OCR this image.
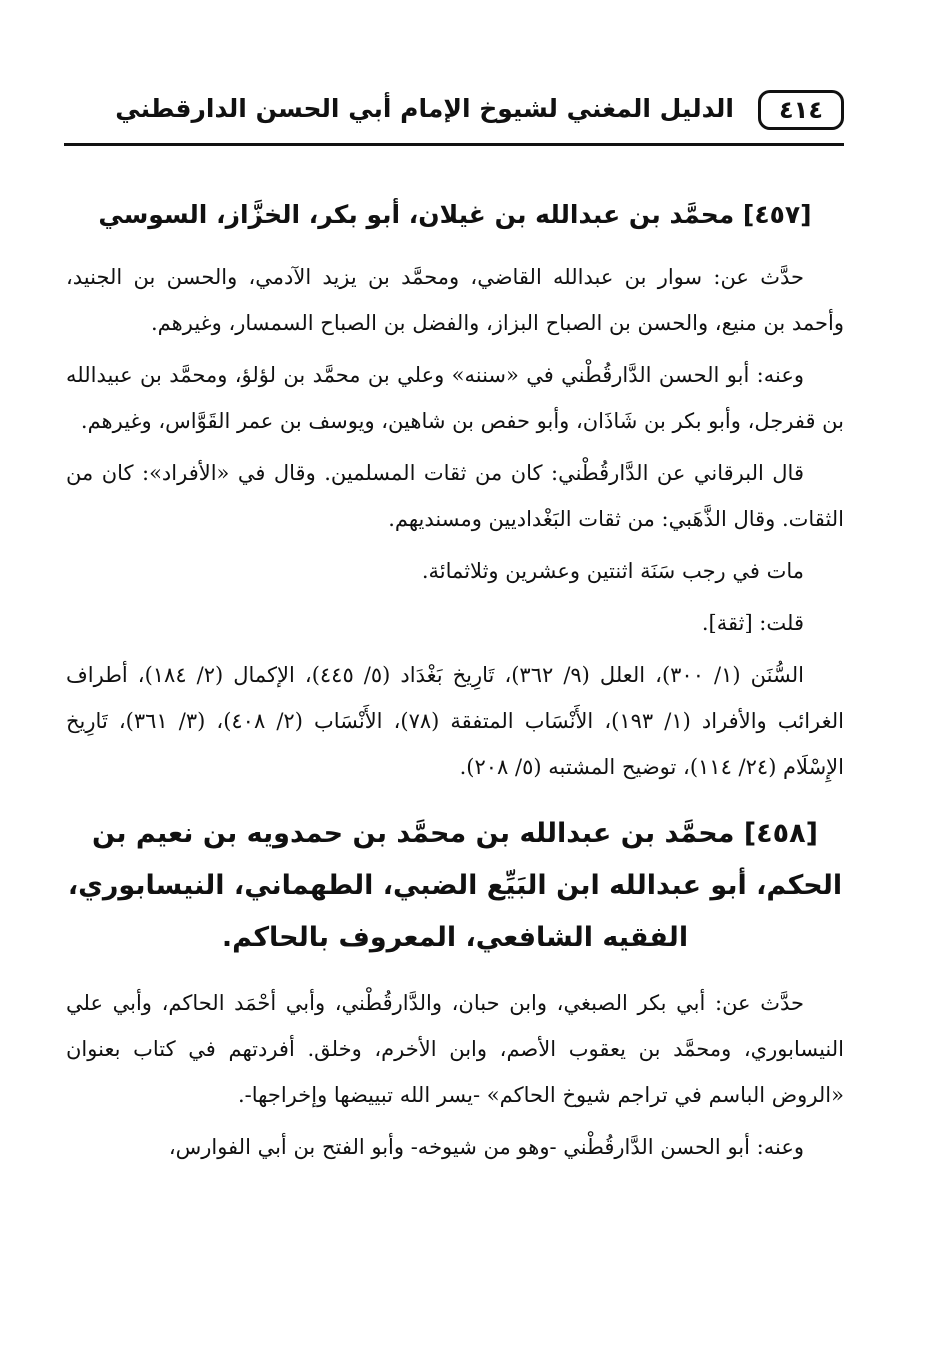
٤١٤
الدليل المغني لشيوخ الإمام أبي الحسن الدارقطني
[٤٥٧] محمَّد بن عبدالله بن غيلان، أبو بكر، الخزَّاز، السوسي

حدَّث عن: سوار بن عبدالله القاضي، ومحمَّد بن يزيد الآدمي، والحسن بن الجنيد، وأحمد بن منيع، والحسن بن الصباح البزاز، والفضل بن الصباح السمسار، وغيرهم.

وعنه: أبو الحسن الدَّارقُطْني في «سننه» وعلي بن محمَّد بن لؤلؤ، ومحمَّد بن عبيدالله بن قفرجل، وأبو بكر بن شَاذَان، وأبو حفص بن شاهين، ويوسف بن عمر القَوَّاس، وغيرهم.

قال البرقاني عن الدَّارقُطْني: كان من ثقات المسلمين. وقال في «الأفراد»: كان من الثقات. وقال الذَّهَبي: من ثقات البَغْداديين ومسنديهم.

مات في رجب سَنَة اثنتين وعشرين وثلاثمائة.

قلت: [ثقة].

السُّنَن (١/ ٣٠٠)، العلل (٩/ ٣٦٢)، تَارِيخ بَغْدَاد (٥/ ٤٤٥)، الإكمال (٢/ ١٨٤)، أطراف الغرائب والأفراد (١/ ١٩٣)، الأَنْسَاب المتفقة (٧٨)، الأَنْسَاب (٢/ ٤٠٨)، (٣/ ٣٦١)، تَارِيخ الإِسْلَام (٢٤/ ١١٤)، توضيح المشتبه (٥/ ٢٠٨).

[٤٥٨] محمَّد بن عبدالله بن محمَّد بن حمدويه بن نعيم بن الحكم، أبو عبدالله ابن البَيِّع الضبي، الطهماني، النيسابوري، الفقيه الشافعي، المعروف بالحاكم.

حدَّث عن: أبي بكر الصبغي، وابن حبان، والدَّارقُطْني، وأبي أحْمَد الحاكم، وأبي علي النيسابوري، ومحمَّد بن يعقوب الأصم، وابن الأخرم، وخلق. أفردتهم في كتاب بعنوان «الروض الباسم في تراجم شيوخ الحاكم» -يسر الله تبييضها وإخراجها-.

وعنه: أبو الحسن الدَّارقُطْني -وهو من شيوخه- وأبو الفتح بن أبي الفوارس،
